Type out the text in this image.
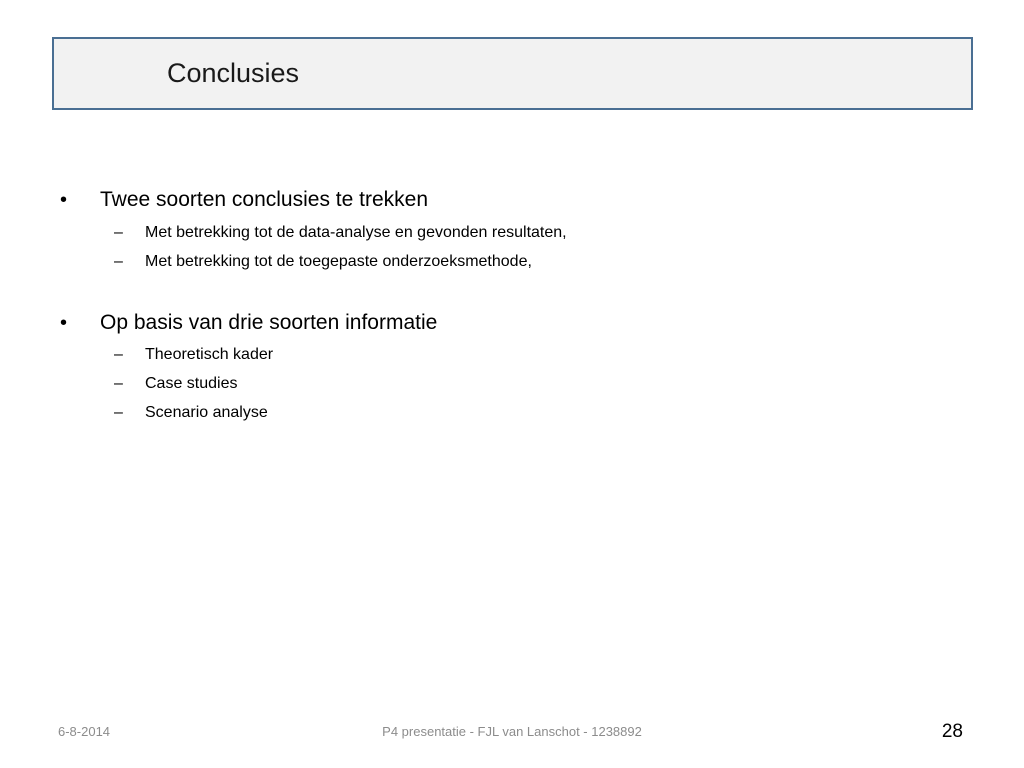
Conclusies
• Twee soorten conclusies te trekken
– Met betrekking tot de data-analyse en gevonden resultaten,
– Met betrekking tot de toegepaste onderzoeksmethode,
• Op basis van drie soorten informatie
– Theoretisch kader
– Case studies
– Scenario analyse
6-8-2014	P4 presentatie - FJL van Lanschot - 1238892	28
